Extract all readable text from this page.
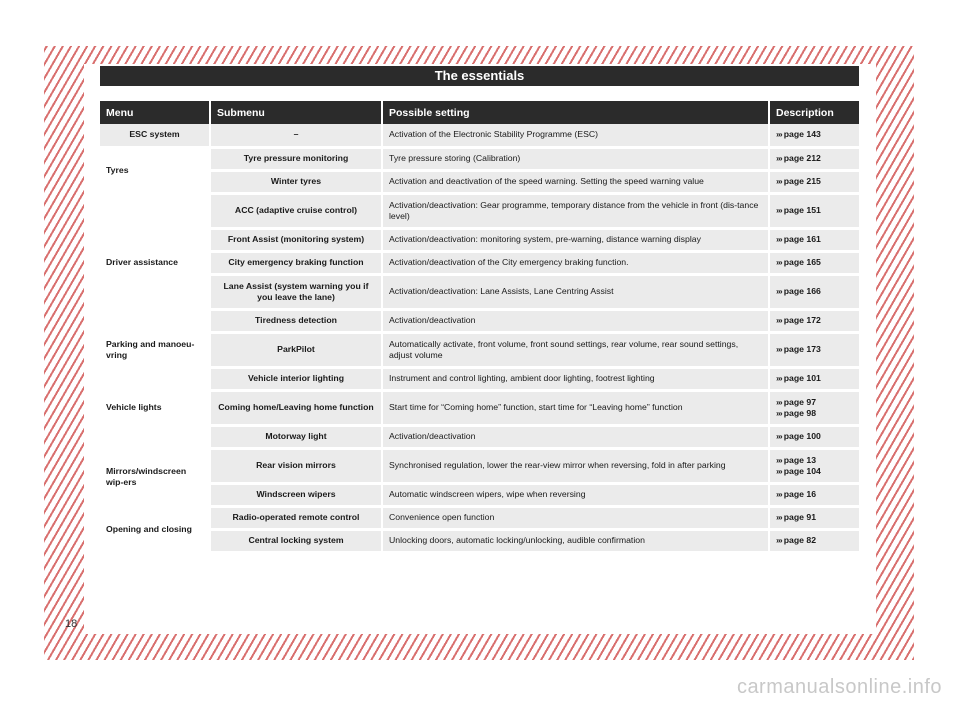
The essentials
Menu	Submenu	Possible setting	Description
ESC system	–	Activation of the Electronic Stability Programme (ESC)	››› page 143

Tyres	Tyre pressure monitoring	Tyre pressure storing (Calibration)	››› page 212

	Winter tyres	Activation and deactivation of the speed warning. Setting the speed warning value	››› page 215

Driver assistance	ACC (adaptive cruise control)	Activation/deactivation: Gear programme, temporary distance from the vehicle in front (dis-tance level)	››› page 151

	Front Assist (monitoring system)	Activation/deactivation: monitoring system, pre-warning, distance warning display	››› page 161

	City emergency braking function	Activation/deactivation of the City emergency braking function.	››› page 165

	Lane Assist (system warning you if you leave the lane)	Activation/deactivation: Lane Assists, Lane Centring Assist	››› page 166

	Tiredness detection	Activation/deactivation	››› page 172

Parking and manoeu-vring	ParkPilot	Automatically activate, front volume, front sound settings, rear volume, rear sound settings, adjust volume	››› page 173

Vehicle lights	Vehicle interior lighting	Instrument and control lighting, ambient door lighting, footrest lighting	››› page 101

	Coming home/Leaving home function	Start time for “Coming home” function, start time for “Leaving home” function	››› page 97
››› page 98

	Motorway light	Activation/deactivation	››› page 100

Mirrors/windscreen wip-ers	Rear vision mirrors	Synchronised regulation, lower the rear-view mirror when reversing, fold in after parking	››› page 13
››› page 104

	Windscreen wipers	Automatic windscreen wipers, wipe when reversing	››› page 16

Opening and closing	Radio-operated remote control	Convenience open function	››› page 91

	Central locking system	Unlocking doors, automatic locking/unlocking, audible confirmation	››› page 82
18
carmanualsonline.info
